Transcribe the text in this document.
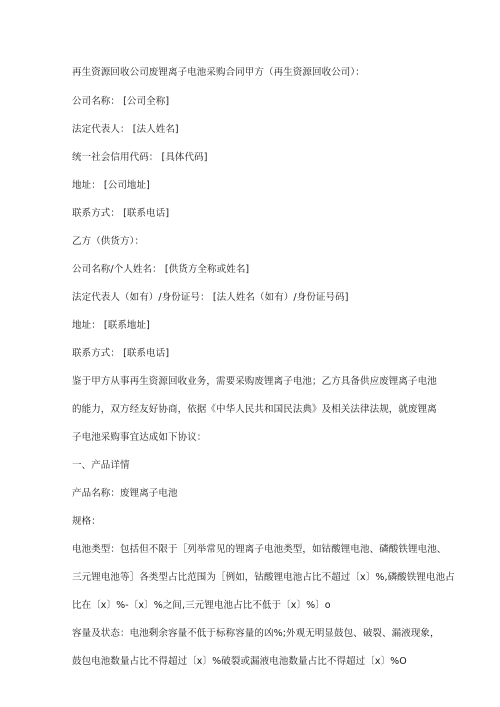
再生资源回收公司废锂离子电池采购合同甲方（再生资源回收公司）：
公司名称： [公司全称]
法定代表人： [法人姓名]
统一社会信用代码： [具体代码]
地址： [公司地址]
联系方式： [联系电话]
乙方（供货方）：
公司名称/个人姓名： [供货方全称或姓名]
法定代表人（如有）/身份证号： [法人姓名（如有）/身份证号码]
地址： [联系地址]
联系方式： [联系电话]
鉴于甲方从事再生资源回收业务，需要采购废锂离子电池；乙方具备供应废锂离子电池
的能力，双方经友好协商，依据《中华人民共和国民法典》及相关法律法规，就废锂离
子电池采购事宜达成如下协议：
一、产品详情
产品名称：废锂离子电池
规格：
电池类型：包括但不限于［列举常见的锂离子电池类型，如钴酸锂电池、磷酸铁锂电池、
三元锂电池等］各类型占比范围为［例如，钴酸锂电池占比不超过〔x〕%,磷酸铁锂电池占
比在〔x〕%-〔x〕%之间,三元锂电池占比不低于〔x〕%〕o
容量及状态：电池剩余容量不低于标称容量的凶%;外观无明显鼓包、破裂、漏液现象，
鼓包电池数量占比不得超过〔x〕%破裂或漏液电池数量占比不得超过〔x〕%O
